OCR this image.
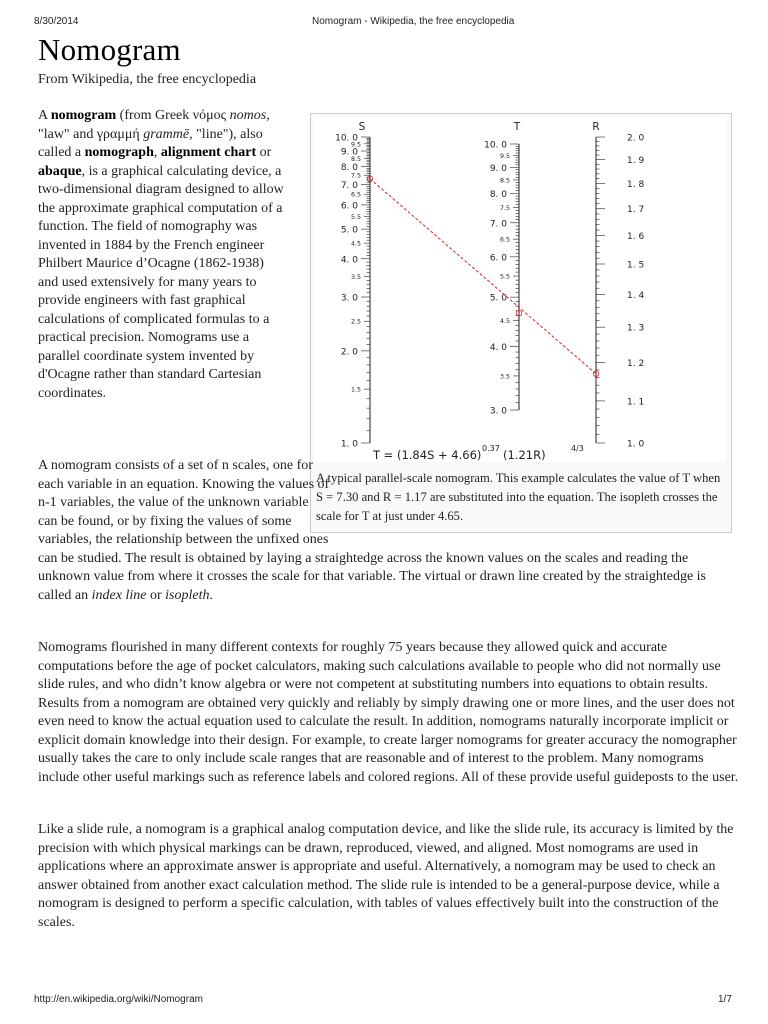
8/30/2014	Nomogram - Wikipedia, the free encyclopedia
Nomogram
From Wikipedia, the free encyclopedia

A nomogram (from Greek νόμος nomos, "law" and γραμμή grammē, "line"), also called a nomograph, alignment chart or abaque, is a graphical calculating device, a two-dimensional diagram designed to allow the approximate graphical computation of a function. The field of nomography was invented in 1884 by the French engineer Philbert Maurice d’Ocagne (1862-1938) and used extensively for many years to provide engineers with fast graphical calculations of complicated formulas to a practical precision. Nomograms use a parallel coordinate system invented by d'Ocagne rather than standard Cartesian coordinates.

S
10. 0
9. 0
8. 0
7. 0
6. 0
5. 0
4. 0
3. 0
2. 0
1. 0
9.5
8.5
7.5
6.5
5.5
4.5
3.5
2.5
1.5
T
10. 0
9. 0
8. 0
7. 0
6. 0
5. 0
4. 0
3. 0
9.5
8.5
7.5
6.5
5.5
4.5
3.5
R
2. 0
1. 9
1. 8
1. 7
1. 6
1. 5
1. 4
1. 3
1. 2
1. 1
1. 0
T = (1.84S + 4.66) 0.37 (1.21R)	4/3
A typical parallel-scale nomogram. This example calculates the value of T when S = 7.30 and R = 1.17 are substituted into the equation. The isopleth crosses the scale for T at just under 4.65.

A nomogram consists of a set of n scales, one for each variable in an equation. Knowing the values of n-1 variables, the value of the unknown variable can be found, or by fixing the values of some variables, the relationship between the unfixed ones can be studied. The result is obtained by laying a straightedge across the known values on the scales and reading the unknown value from where it crosses the scale for that variable. The virtual or drawn line created by the straightedge is called an index line or isopleth.

Nomograms flourished in many different contexts for roughly 75 years because they allowed quick and accurate computations before the age of pocket calculators, making such calculations available to people who did not normally use slide rules, and who didn’t know algebra or were not competent at substituting numbers into equations to obtain results. Results from a nomogram are obtained very quickly and reliably by simply drawing one or more lines, and the user does not even need to know the actual equation used to calculate the result. In addition, nomograms naturally incorporate implicit or explicit domain knowledge into their design. For example, to create larger nomograms for greater accuracy the nomographer usually takes the care to only include scale ranges that are reasonable and of interest to the problem. Many nomograms include other useful markings such as reference labels and colored regions. All of these provide useful guideposts to the user.

Like a slide rule, a nomogram is a graphical analog computation device, and like the slide rule, its accuracy is limited by the precision with which physical markings can be drawn, reproduced, viewed, and aligned. Most nomograms are used in applications where an approximate answer is appropriate and useful. Alternatively, a nomogram may be used to check an answer obtained from another exact calculation method. The slide rule is intended to be a general-purpose device, while a nomogram is designed to perform a specific calculation, with tables of values effectively built into the construction of the scales.

http://en.wikipedia.org/wiki/Nomogram	1/7
